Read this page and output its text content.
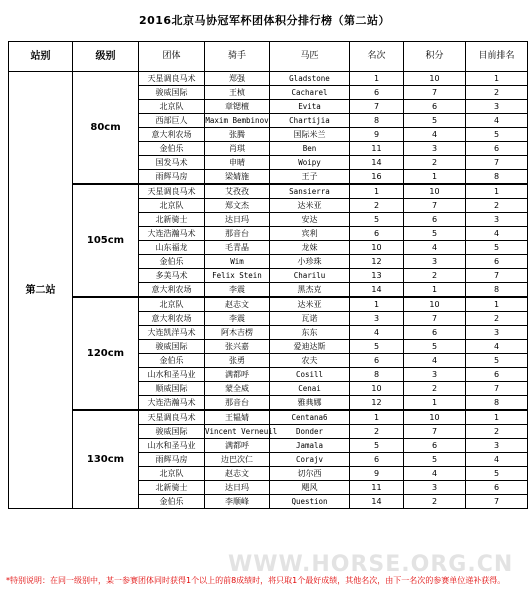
2016北京马协冠军杯团体积分排行榜（第二站）
站别	级别	团体	骑手	马匹	名次	积分	目前排名
第二站	80cm	天星调良马术	郑强	Gladstone	1	10	1
		骏威国际	王桢	Cacharel	6	7	2
		北京队	章锶檀	Evita	7	6	3
		西部巨人	Maxim Bembinov	Chartijia	8	5	4
		意大利农场	张腾	国际米兰	9	4	5
		金伯乐	肖琪	Ben	11	3	6
		国发马术	申晴	Woipy	14	2	7
		雨辉马房	梁婧施	王子	16	1	8
	105cm	天星调良马术	艾孜孜	Sansierra	1	10	1
		北京队	郑文杰	达米亚	2	7	2
		北新骑士	达日玛	安达	5	6	3
		大连浩瀚马术	那音台	宾利	6	5	4
		山东福龙	毛青晶	龙妹	10	4	5
		金伯乐	Wim	小珍珠	12	3	6
		多美马术	Felix Stein	Charilu	13	2	7
		意大利农场	李震	黑杰克	14	1	8
	120cm	北京队	赵志文	达米亚	1	10	1
		意大利农场	李震	瓦诺	3	7	2
		大连凯洋马术	阿木吉楞	东东	4	6	3
		骏威国际	张兴嘉	爱迪达斯	5	5	4
		金伯乐	张勇	农夫	6	4	5
		山水和圣马业	满都呼	Cosill	8	3	6
		顺威国际	蒙全威	Cenai	10	2	7
		大连浩瀚马术	那音台	雅典娜	12	1	8
	130cm	天星调良马术	王韫婧	Centana6	1	10	1
		骏威国际	Vincent Verneuil	Donder	2	7	2
		山水和圣马业	满都呼	Jamala	5	6	3
		雨辉马房	边巴次仁	Corajv	6	5	4
		北京队	赵志文	切尔西	9	4	5
		北新骑士	达日玛	飓风	11	3	6
		金伯乐	李顺峰	Question	14	2	7
WWW.HORSE.ORG.CN
*特别说明：在同一级别中，某一参赛团体同时获得1个以上的前8成绩时，将只取1个最好成绩，其他名次，由下一名次的参赛单位递补获得。
